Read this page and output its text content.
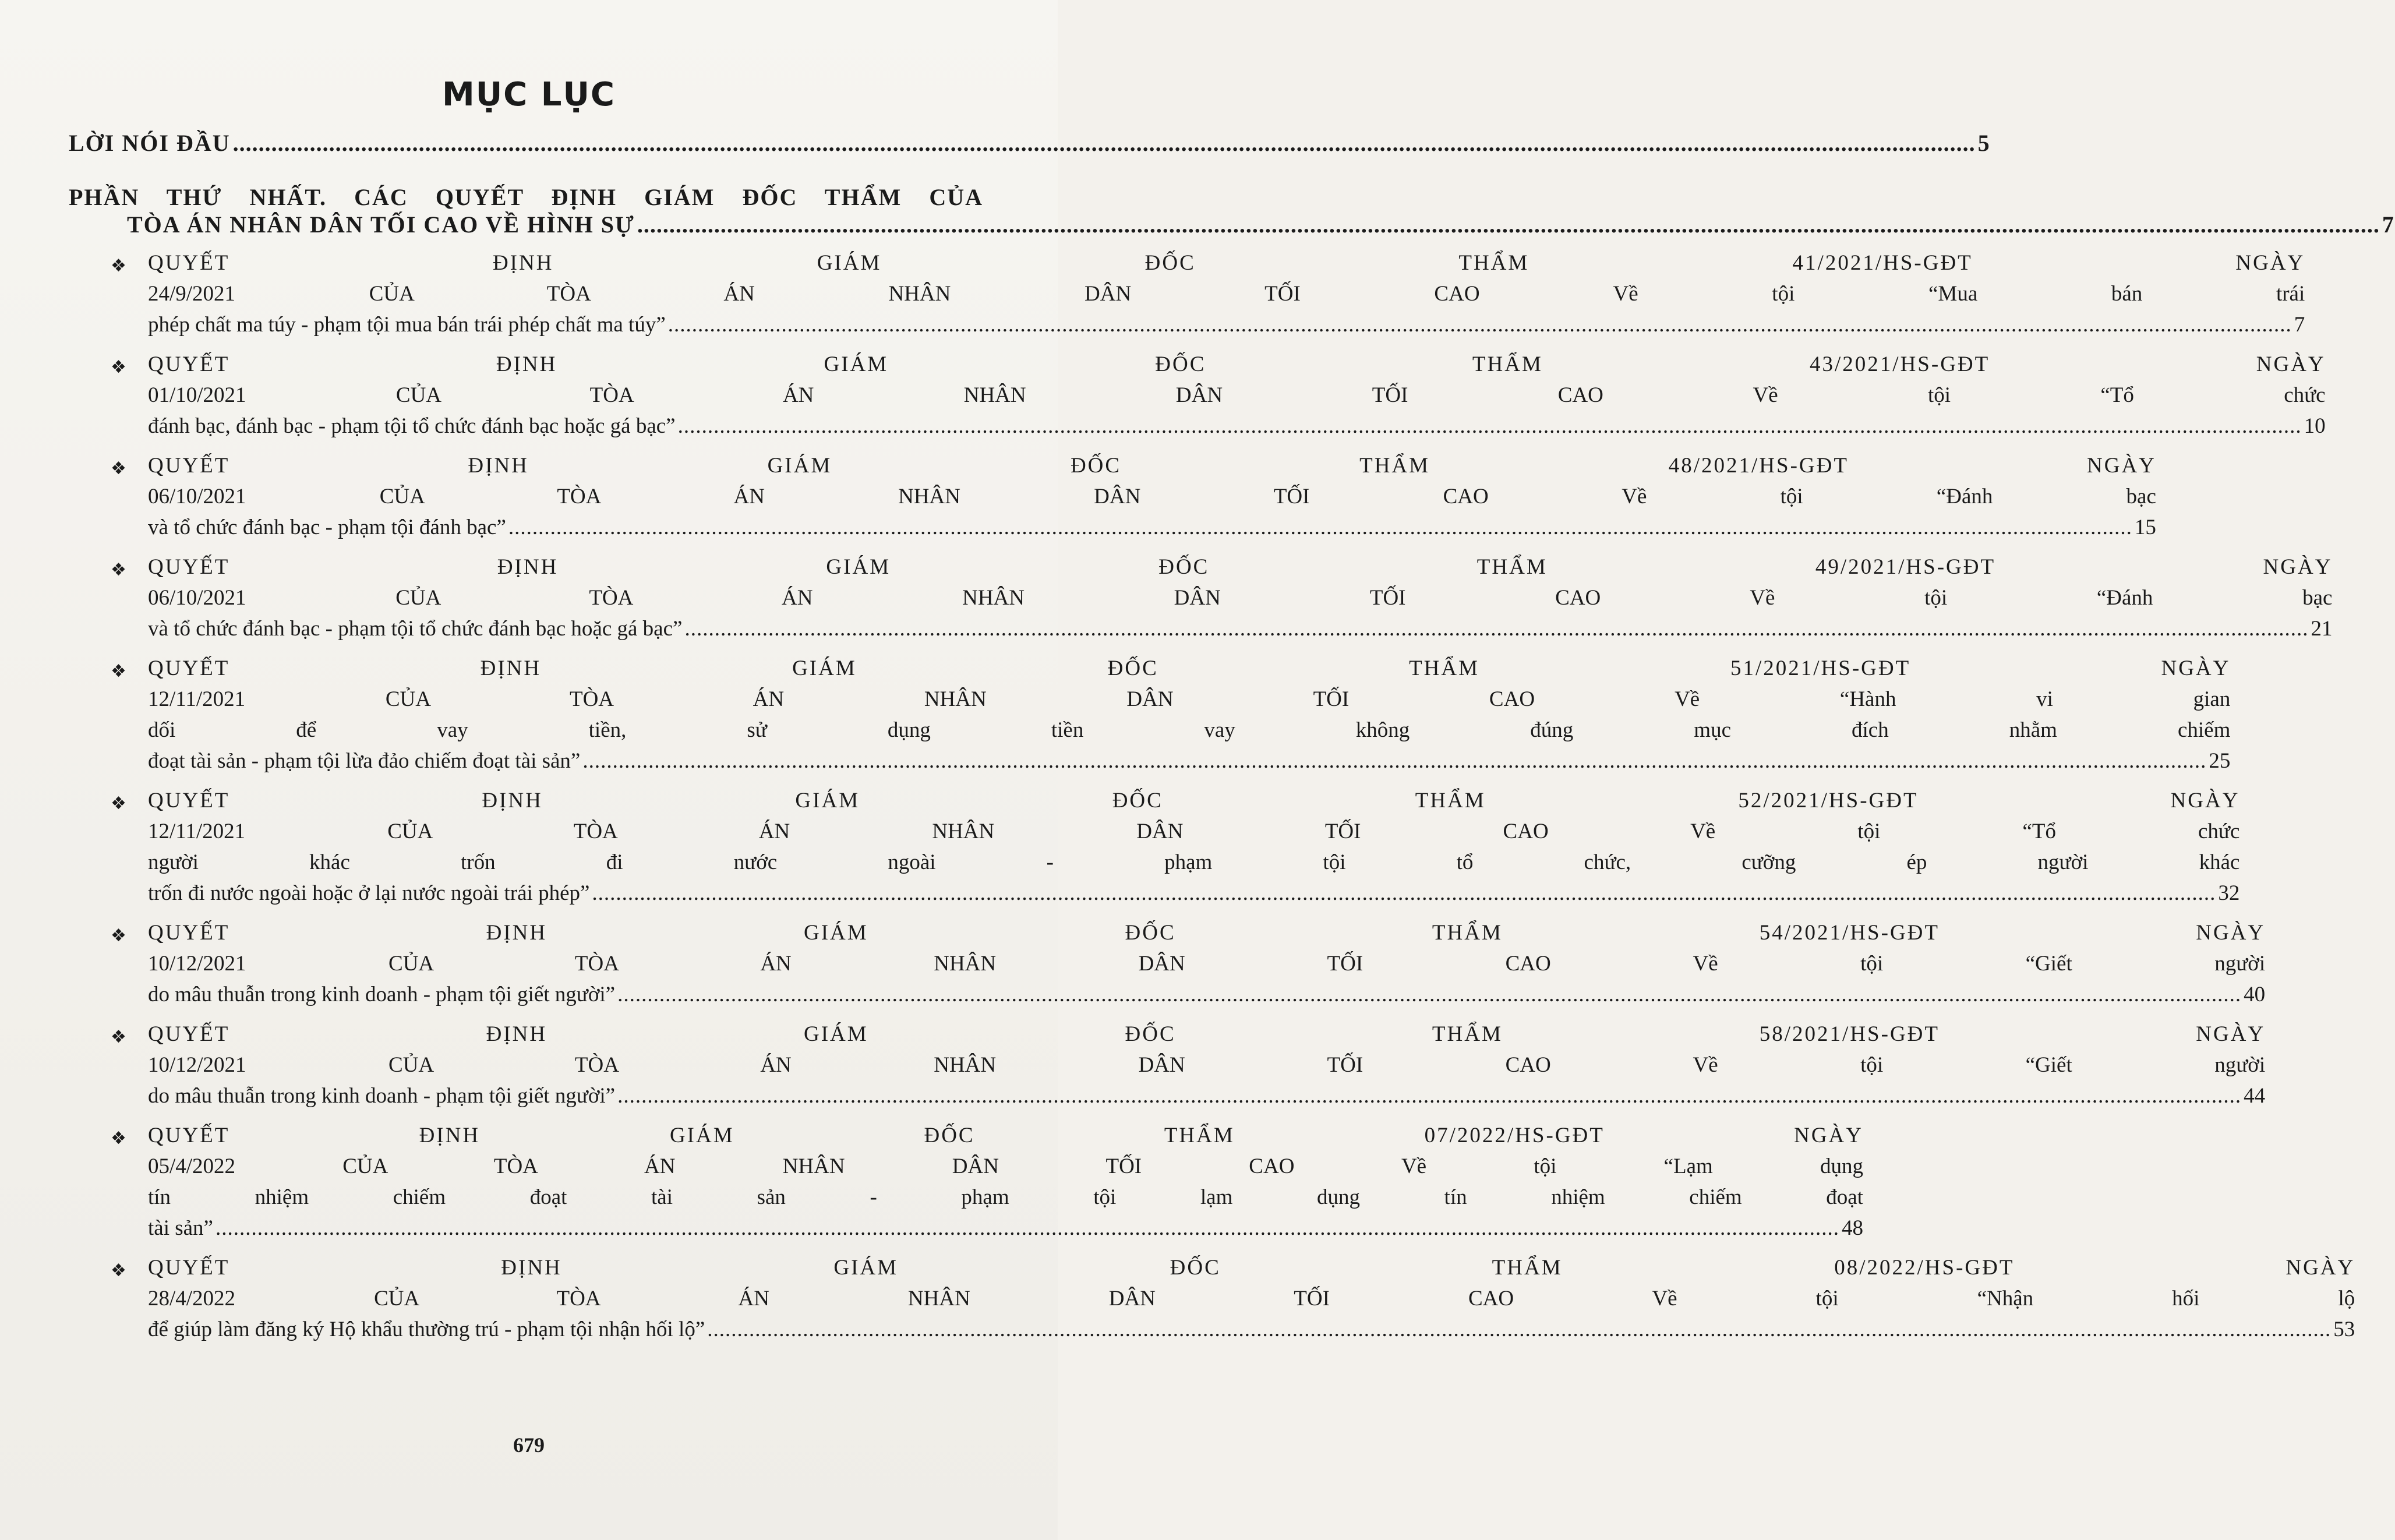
MỤC LỤC
LỜI NÓI ĐẦU .....	5
PHẦN THỨ NHẤT. CÁC QUYẾT ĐỊNH GIÁM ĐỐC THẨM CỦA
TÒA ÁN NHÂN DÂN TỐI CAO VỀ HÌNH SỰ .....	7
❖	QUYẾT ĐỊNH GIÁM ĐỐC THẨM 41/2021/HS-GĐT NGÀY
24/9/2021 CỦA TÒA ÁN NHÂN DÂN TỐI CAO Về tội “Mua bán trái
phép chất ma túy - phạm tội mua bán trái phép chất ma túy” .....	7
❖	QUYẾT ĐỊNH GIÁM ĐỐC THẨM 43/2021/HS-GĐT NGÀY
01/10/2021 CỦA TÒA ÁN NHÂN DÂN TỐI CAO Về tội “Tổ chức
đánh bạc, đánh bạc - phạm tội tổ chức đánh bạc hoặc gá bạc” .....	10
❖	QUYẾT ĐỊNH GIÁM ĐỐC THẨM 48/2021/HS-GĐT NGÀY
06/10/2021 CỦA TÒA ÁN NHÂN DÂN TỐI CAO Về tội “Đánh bạc
và tổ chức đánh bạc - phạm tội đánh bạc” .....	15
❖	QUYẾT ĐỊNH GIÁM ĐỐC THẨM 49/2021/HS-GĐT NGÀY
06/10/2021 CỦA TÒA ÁN NHÂN DÂN TỐI CAO Về tội “Đánh bạc
và tổ chức đánh bạc - phạm tội tổ chức đánh bạc hoặc gá bạc” .....	21
❖	QUYẾT ĐỊNH GIÁM ĐỐC THẨM 51/2021/HS-GĐT NGÀY
12/11/2021 CỦA TÒA ÁN NHÂN DÂN TỐI CAO Về “Hành vi gian
dối để vay tiền, sử dụng tiền vay không đúng mục đích nhằm chiếm
đoạt tài sản - phạm tội lừa đảo chiếm đoạt tài sản” .....	25
❖	QUYẾT ĐỊNH GIÁM ĐỐC THẨM 52/2021/HS-GĐT NGÀY
12/11/2021 CỦA TÒA ÁN NHÂN DÂN TỐI CAO Về tội “Tổ chức
người khác trốn đi nước ngoài - phạm tội tổ chức, cưỡng ép người khác
trốn đi nước ngoài hoặc ở lại nước ngoài trái phép” .....	32
❖	QUYẾT ĐỊNH GIÁM ĐỐC THẨM 54/2021/HS-GĐT NGÀY
10/12/2021 CỦA TÒA ÁN NHÂN DÂN TỐI CAO Về tội “Giết người
do mâu thuẫn trong kinh doanh - phạm tội giết người” .....	40
❖	QUYẾT ĐỊNH GIÁM ĐỐC THẨM 58/2021/HS-GĐT NGÀY
10/12/2021 CỦA TÒA ÁN NHÂN DÂN TỐI CAO Về tội “Giết người
do mâu thuẫn trong kinh doanh - phạm tội giết người” .....	44
❖	QUYẾT ĐỊNH GIÁM ĐỐC THẨM 07/2022/HS-GĐT NGÀY
05/4/2022 CỦA TÒA ÁN NHÂN DÂN TỐI CAO Về tội “Lạm dụng
tín nhiệm chiếm đoạt tài sản - phạm tội lạm dụng tín nhiệm chiếm đoạt
tài sản” .....	48
❖	QUYẾT ĐỊNH GIÁM ĐỐC THẨM 08/2022/HS-GĐT NGÀY
28/4/2022 CỦA TÒA ÁN NHÂN DÂN TỐI CAO Về tội “Nhận hối lộ
để giúp làm đăng ký Hộ khẩu thường trú - phạm tội nhận hối lộ” .....	53
679
